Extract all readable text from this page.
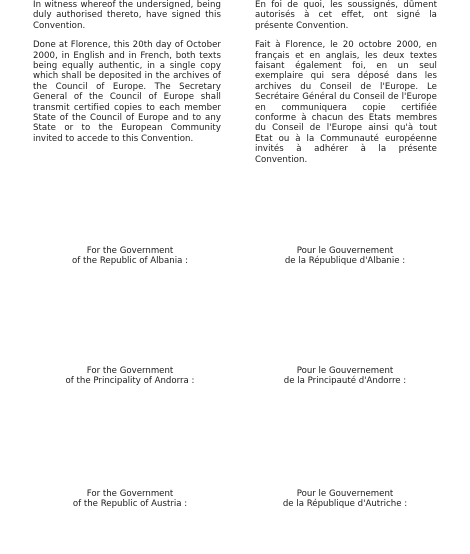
In witness whereof the undersigned, being duly authorised thereto, have signed this Convention.

Done at Florence, this 20th day of October 2000, in English and in French, both texts being equally authentic, in a single copy which shall be deposited in the archives of the Council of Europe. The Secretary General of the Council of Europe shall transmit certified copies to each member State of the Council of Europe and to any State or to the European Community invited to accede to this Convention.

En foi de quoi, les soussignés, dûment autorisés à cet effet, ont signé la présente Convention.

Fait à Florence, le 20 octobre 2000, en français et en anglais, les deux textes faisant également foi, en un seul exemplaire qui sera déposé dans les archives du Conseil de l'Europe. Le Secrétaire Général du Conseil de l'Europe en communiquera copie certifiée conforme à chacun des Etats membres du Conseil de l'Europe ainsi qu'à tout Etat ou à la Communauté européenne invités à adhérer à la présente Convention.

For the Government
of the Republic of Albania :
Pour le Gouvernement
de la République d'Albanie :
For the Government
of the Principality of Andorra :
Pour le Gouvernement
de la Principauté d'Andorre :
For the Government
of the Republic of Austria :
Pour le Gouvernement
de la République d'Autriche :
